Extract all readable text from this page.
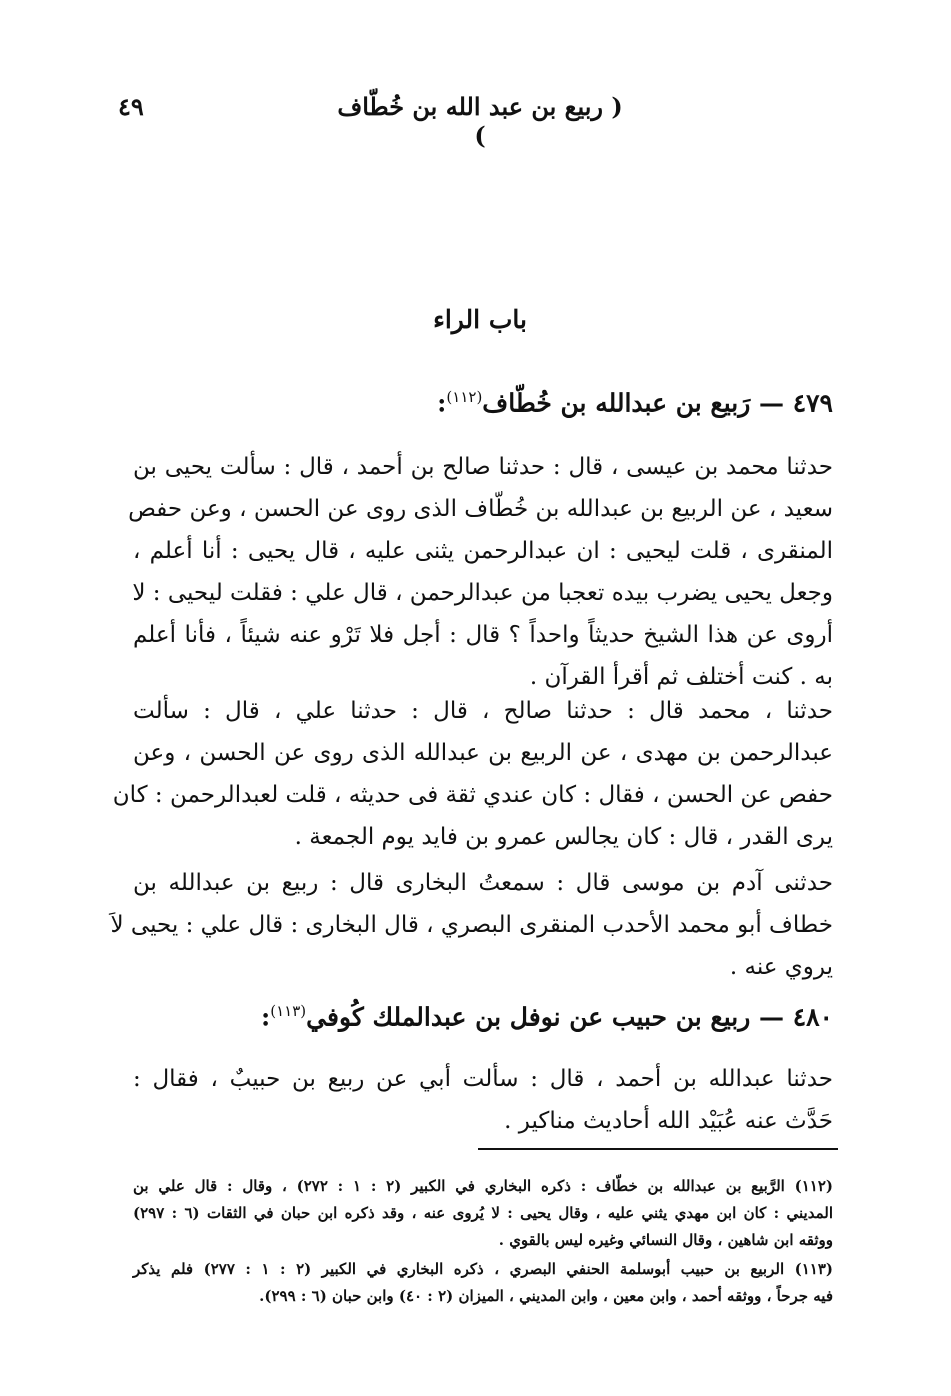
٤٩	( ربيع بن عبد الله بن خُطّاف )
باب الراء
٤٧٩ — رَبيع بن عبدالله بن خُطّاف$^{(١١٢)}$:
حدثنا محمد بن عيسى ، قال : حدثنا صالح بن أحمد ، قال : سألت يحيى بن
سعيد ، عن الربيع بن عبدالله بن خُطّاف الذى روى عن الحسن ، وعن حفص
المنقرى ، قلت ليحيى : ان عبدالرحمن يثنى عليه ، قال يحيى : أنا أعلم ،
وجعل يحيى يضرب بيده تعجبا من عبدالرحمن ، قال علي : فقلت ليحيى : لا
أروى عن هذا الشيخ حديثاً واحداً ؟ قال : أجل فلا تَرْو عنه شيئاً ، فأنا أعلم
به . كنت أختلف ثم أقرأ القرآن .
حدثنا ، محمد قال : حدثنا صالح ، قال : حدثنا علي ، قال : سألت
عبدالرحمن بن مهدى ، عن الربيع بن عبدالله الذى روى عن الحسن ، وعن
حفص عن الحسن ، فقال : كان عندي ثقة فى حديثه ، قلت لعبدالرحمن : كان
يرى القدر ، قال : كان يجالس عمرو بن فايد يوم الجمعة .
حدثنى آدم بن موسى قال : سمعتُ البخارى قال : ربيع بن عبدالله بن
خطاف أبو محمد الأحدب المنقرى البصري ، قال البخارى : قال علي : يحيى لاَ
يروي عنه .
٤٨٠ — ربيع بن حبيب عن نوفل بن عبدالملك كُوفي$^{(١١٣)}$:
حدثنا عبدالله بن أحمد ، قال : سألت أبي عن ربيع بن حبيبٌ ، فقال :
حَدَّث عنه عُبَيْد الله أحاديث مناكير .
(١١٢) الرَّبيع بن عبدالله بن خطّاف : ذكره البخاري في الكبير (٢ : ١ : ٢٧٢) ، وقال : قال علي بن
المديني : كان ابن مهدي يثني عليه ، وقال يحيى : لا يُروى عنه ، وقد ذكره ابن حبان في الثقات (٦ : ٢٩٧)
ووثقه ابن شاهين ، وقال النسائي وغيره ليس بالقوي .
(١١٣) الربيع بن حبيب أبوسلمة الحنفي البصري ، ذكره البخاري في الكبير (٢ : ١ : ٢٧٧) فلم يذكر
فيه جرحاً ، ووثقه أحمد ، وابن معين ، وابن المديني ، الميزان (٢ : ٤٠) وابن حبان (٦ : ٢٩٩).
